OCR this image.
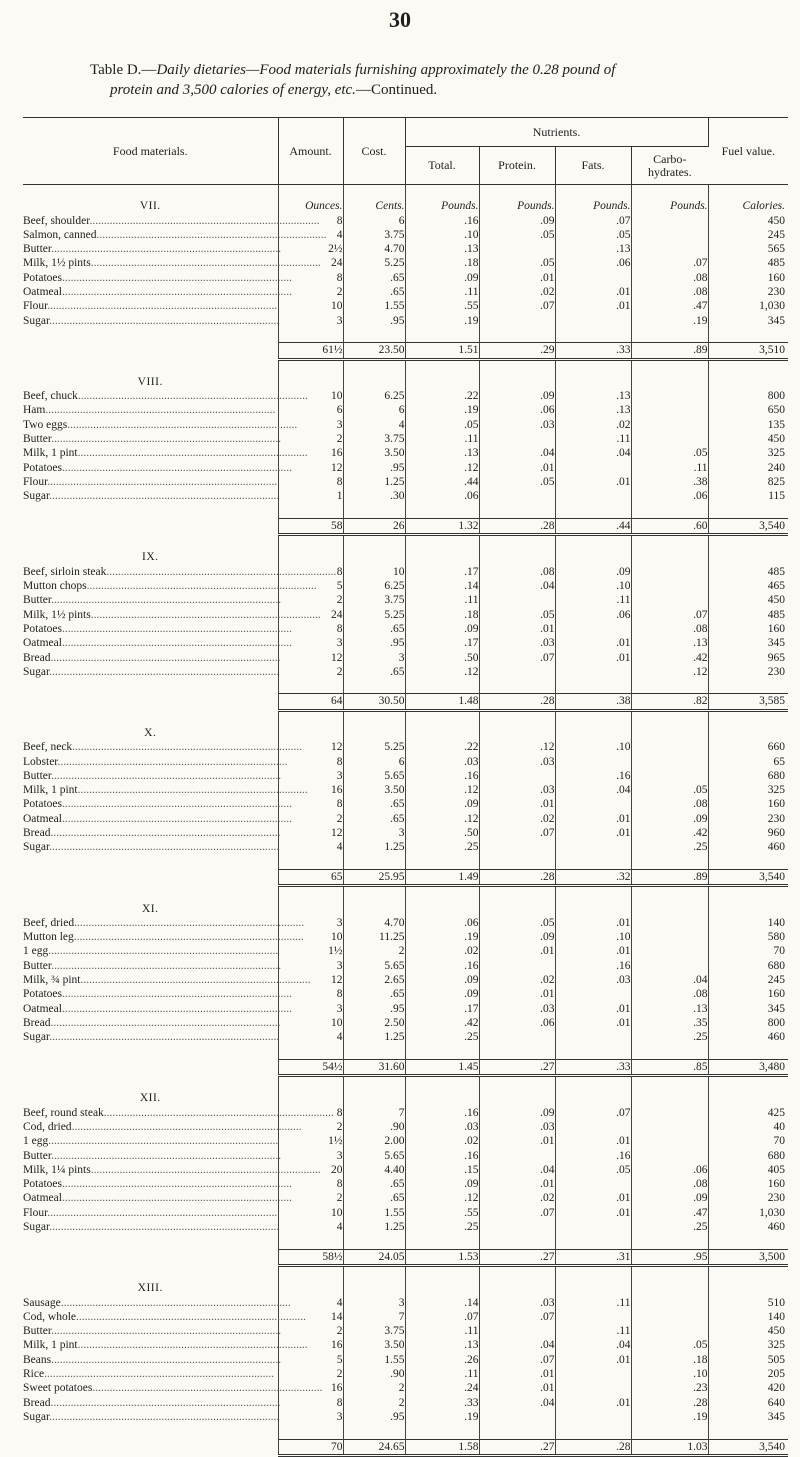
30
Table D.—Daily dietaries—Food materials furnishing approximately the 0.28 pound of
protein and 3,500 calories of energy, etc.—Continued.
Food materials.	Amount.	Cost.	Nutrients.				Fuel value.
			Total.	Protein.	Fats.	Carbo-hydrates.	

VII.	Ounces.	Cents.	Pounds.	Pounds.	Pounds.	Pounds.	Calories.
Beef, shoulder................................................................................	8	6	.16	.09	.07		450
Salmon, canned................................................................................	4	3.75	.10	.05	.05		245
Butter................................................................................	2½	4.70	.13		.13		565
Milk, 1½ pints................................................................................	24	5.25	.18	.05	.06	.07	485
Potatoes................................................................................	8	.65	.09	.01		.08	160
Oatmeal................................................................................	2	.65	.11	.02	.01	.08	230
Flour................................................................................	10	1.55	.55	.07	.01	.47	1,030
Sugar................................................................................	3	.95	.19			.19	345

	61½	23.50	1.51	.29	.33	.89	3,510

VIII.							
Beef, chuck................................................................................	10	6.25	.22	.09	.13		800
Ham................................................................................	6	6	.19	.06	.13		650
Two eggs................................................................................	3	4	.05	.03	.02		135
Butter................................................................................	2	3.75	.11		.11		450
Milk, 1 pint................................................................................	16	3.50	.13	.04	.04	.05	325
Potatoes................................................................................	12	.95	.12	.01		.11	240
Flour................................................................................	8	1.25	.44	.05	.01	.38	825
Sugar................................................................................	1	.30	.06			.06	115

	58	26	1.32	.28	.44	.60	3,540

IX.							
Beef, sirloin steak................................................................................	8	10	.17	.08	.09		485
Mutton chops................................................................................	5	6.25	.14	.04	.10		465
Butter................................................................................	2	3.75	.11		.11		450
Milk, 1½ pints................................................................................	24	5.25	.18	.05	.06	.07	485
Potatoes................................................................................	8	.65	.09	.01		.08	160
Oatmeal................................................................................	3	.95	.17	.03	.01	.13	345
Bread................................................................................	12	3	.50	.07	.01	.42	965
Sugar................................................................................	2	.65	.12			.12	230

	64	30.50	1.48	.28	.38	.82	3,585

X.							
Beef, neck................................................................................	12	5.25	.22	.12	.10		660
Lobster................................................................................	8	6	.03	.03			65
Butter................................................................................	3	5.65	.16		.16		680
Milk, 1 pint................................................................................	16	3.50	.12	.03	.04	.05	325
Potatoes................................................................................	8	.65	.09	.01		.08	160
Oatmeal................................................................................	2	.65	.12	.02	.01	.09	230
Bread................................................................................	12	3	.50	.07	.01	.42	960
Sugar................................................................................	4	1.25	.25			.25	460

	65	25.95	1.49	.28	.32	.89	3,540

XI.							
Beef, dried................................................................................	3	4.70	.06	.05	.01		140
Mutton leg................................................................................	10	11.25	.19	.09	.10		580
1 egg................................................................................	1½	2	.02	.01	.01		70
Butter................................................................................	3	5.65	.16		.16		680
Milk, ¾ pint................................................................................	12	2.65	.09	.02	.03	.04	245
Potatoes................................................................................	8	.65	.09	.01		.08	160
Oatmeal................................................................................	3	.95	.17	.03	.01	.13	345
Bread................................................................................	10	2.50	.42	.06	.01	.35	800
Sugar................................................................................	4	1.25	.25			.25	460

	54½	31.60	1.45	.27	.33	.85	3,480

XII.							
Beef, round steak................................................................................	8	7	.16	.09	.07		425
Cod, dried................................................................................	2	.90	.03	.03			40
1 egg................................................................................	1½	2.00	.02	.01	.01		70
Butter................................................................................	3	5.65	.16		.16		680
Milk, 1¼ pints................................................................................	20	4.40	.15	.04	.05	.06	405
Potatoes................................................................................	8	.65	.09	.01		.08	160
Oatmeal................................................................................	2	.65	.12	.02	.01	.09	230
Flour................................................................................	10	1.55	.55	.07	.01	.47	1,030
Sugar................................................................................	4	1.25	.25			.25	460

	58½	24.05	1.53	.27	.31	.95	3,500

XIII.							
Sausage................................................................................	4	3	.14	.03	.11		510
Cod, whole................................................................................	14	7	.07	.07			140
Butter................................................................................	2	3.75	.11		.11		450
Milk, 1 pint................................................................................	16	3.50	.13	.04	.04	.05	325
Beans................................................................................	5	1.55	.26	.07	.01	.18	505
Rice................................................................................	2	.90	.11	.01		.10	205
Sweet potatoes................................................................................	16	2	.24	.01		.23	420
Bread................................................................................	8	2	.33	.04	.01	.28	640
Sugar................................................................................	3	.95	.19			.19	345

	70	24.65	1.58	.27	.28	1.03	3,540
